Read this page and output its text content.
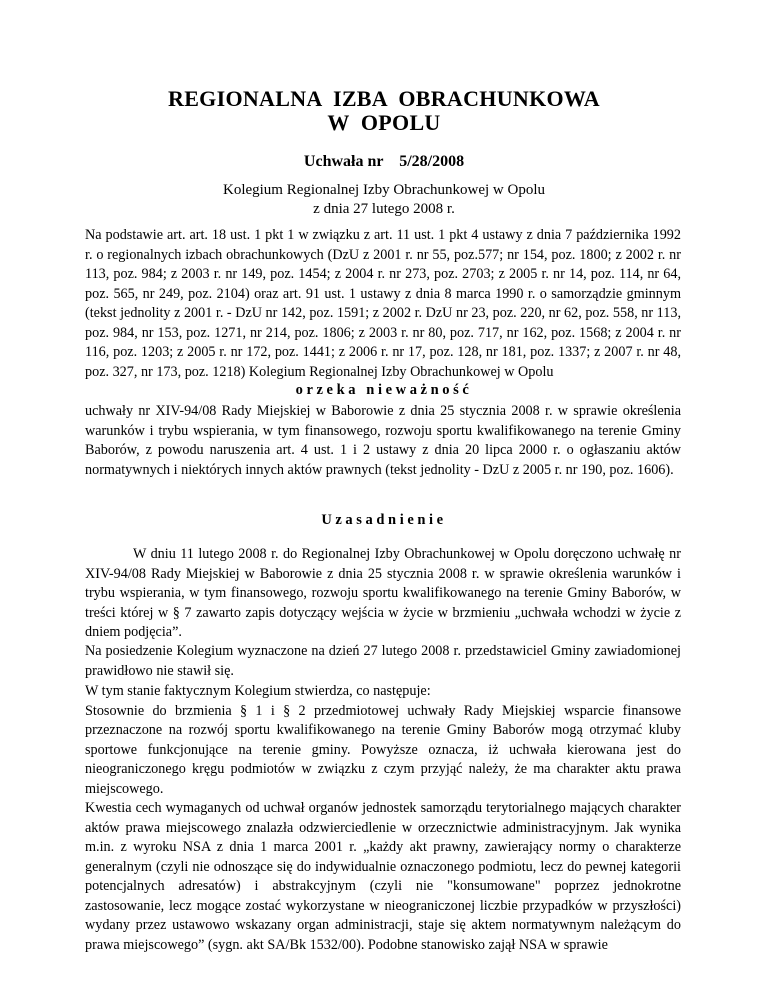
REGIONALNA  IZBA  OBRACHUNKOWA
W  OPOLU
Uchwała nr    5/28/2008
Kolegium Regionalnej Izby Obrachunkowej w Opolu
z dnia 27 lutego 2008 r.

Na podstawie art. art. 18 ust. 1 pkt 1 w związku z art. 11 ust. 1 pkt 4 ustawy z dnia 7 października 1992 r. o regionalnych izbach obrachunkowych (DzU z 2001 r. nr 55, poz.577; nr 154, poz. 1800; z 2002 r. nr 113, poz. 984; z 2003 r. nr 149, poz. 1454; z 2004 r. nr 273, poz. 2703; z 2005 r. nr 14, poz. 114, nr 64, poz. 565, nr 249, poz. 2104) oraz art. 91 ust. 1 ustawy z dnia 8 marca 1990 r. o samorządzie gminnym (tekst jednolity z 2001 r. - DzU nr 142, poz. 1591; z 2002 r. DzU nr 23, poz. 220, nr 62, poz. 558, nr 113, poz. 984, nr 153, poz. 1271, nr 214, poz. 1806; z 2003 r. nr 80, poz. 717, nr 162, poz. 1568; z 2004 r. nr 116, poz. 1203; z 2005 r. nr 172, poz. 1441; z 2006 r. nr 17, poz. 128, nr 181, poz. 1337; z 2007 r. nr 48, poz. 327, nr 173, poz. 1218) Kolegium Regionalnej Izby Obrachunkowej w Opolu

orzeka nieważność

uchwały nr XIV-94/08 Rady Miejskiej w Baborowie z dnia 25 stycznia 2008 r. w sprawie określenia warunków i trybu wspierania, w tym finansowego, rozwoju sportu kwalifikowanego na terenie Gminy Baborów, z powodu naruszenia art. 4 ust. 1 i 2 ustawy z dnia 20 lipca 2000 r. o ogłaszaniu aktów normatywnych i niektórych innych aktów prawnych (tekst jednolity - DzU z 2005 r. nr 190, poz. 1606).

Uzasadnienie

W dniu 11 lutego 2008 r. do Regionalnej Izby Obrachunkowej w Opolu doręczono uchwałę nr XIV-94/08 Rady Miejskiej w Baborowie z dnia 25 stycznia 2008 r. w sprawie określenia warunków i trybu wspierania, w tym finansowego, rozwoju sportu kwalifikowanego na terenie Gminy Baborów, w treści której w § 7 zawarto zapis dotyczący wejścia w życie w brzmieniu „uchwała wchodzi w życie z dniem podjęcia”.

Na posiedzenie Kolegium wyznaczone na dzień 27 lutego 2008 r. przedstawiciel Gminy zawiadomionej prawidłowo nie stawił się.

W tym stanie faktycznym Kolegium stwierdza, co następuje:
Stosownie do brzmienia § 1 i § 2 przedmiotowej uchwały Rady Miejskiej wsparcie finansowe przeznaczone na rozwój sportu kwalifikowanego na terenie Gminy Baborów mogą otrzymać kluby sportowe funkcjonujące na terenie gminy. Powyższe oznacza, iż uchwała kierowana jest do nieograniczonego kręgu podmiotów w związku z czym przyjąć należy, że ma charakter aktu prawa miejscowego.
Kwestia cech wymaganych od uchwał organów jednostek samorządu terytorialnego mających charakter aktów prawa miejscowego znalazła odzwierciedlenie w orzecznictwie administracyjnym. Jak wynika m.in. z wyroku NSA z dnia 1 marca 2001 r. „każdy akt prawny, zawierający normy o charakterze generalnym (czyli nie odnoszące się do indywidualnie oznaczonego podmiotu, lecz do pewnej kategorii potencjalnych adresatów) i abstrakcyjnym (czyli nie "konsumowane" poprzez jednokrotne zastosowanie, lecz mogące zostać wykorzystane w nieograniczonej liczbie przypadków w przyszłości) wydany przez ustawowo wskazany organ administracji, staje się aktem normatywnym należącym do prawa miejscowego” (sygn. akt SA/Bk 1532/00). Podobne stanowisko zajął NSA w sprawie
